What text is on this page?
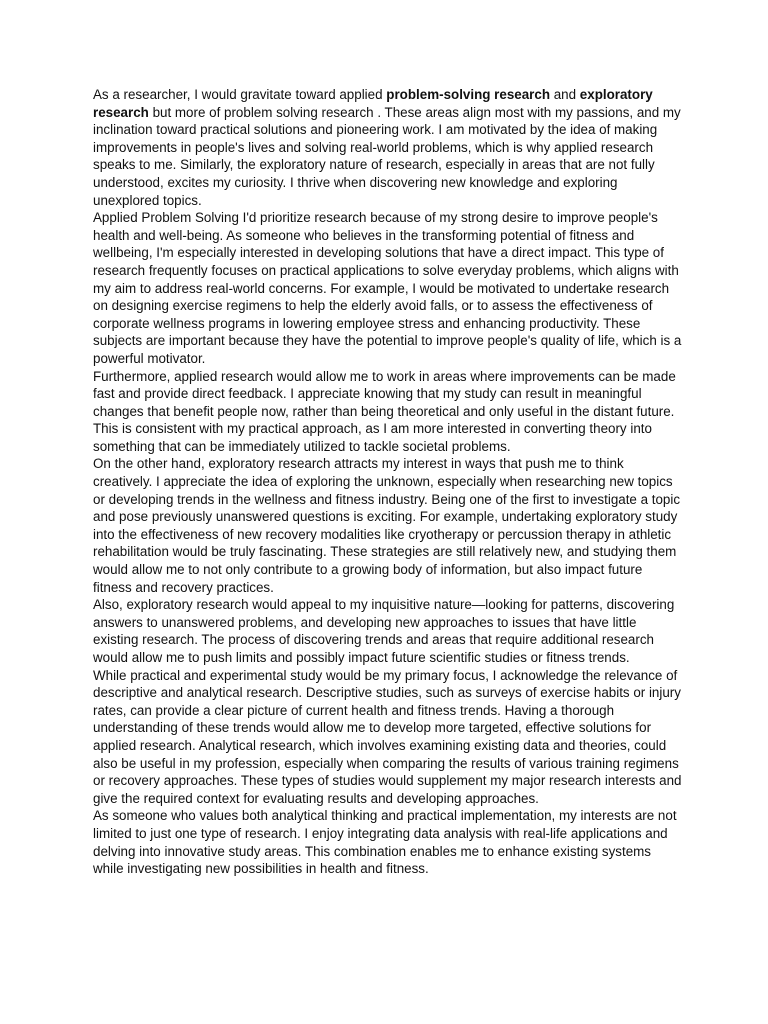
As a researcher, I would gravitate toward applied problem-solving research and exploratory research but more of problem solving research . These areas align most with my passions, and my inclination toward practical solutions and pioneering work. I am motivated by the idea of making improvements in people's lives and solving real-world problems, which is why applied research speaks to me. Similarly, the exploratory nature of research, especially in areas that are not fully understood, excites my curiosity. I thrive when discovering new knowledge and exploring unexplored topics.

Applied Problem Solving I'd prioritize research because of my strong desire to improve people's health and well-being. As someone who believes in the transforming potential of fitness and wellbeing, I'm especially interested in developing solutions that have a direct impact. This type of research frequently focuses on practical applications to solve everyday problems, which aligns with my aim to address real-world concerns. For example, I would be motivated to undertake research on designing exercise regimens to help the elderly avoid falls, or to assess the effectiveness of corporate wellness programs in lowering employee stress and enhancing productivity. These subjects are important because they have the potential to improve people's quality of life, which is a powerful motivator.

Furthermore, applied research would allow me to work in areas where improvements can be made fast and provide direct feedback. I appreciate knowing that my study can result in meaningful changes that benefit people now, rather than being theoretical and only useful in the distant future. This is consistent with my practical approach, as I am more interested in converting theory into something that can be immediately utilized to tackle societal problems.

On the other hand, exploratory research attracts my interest in ways that push me to think creatively. I appreciate the idea of exploring the unknown, especially when researching new topics or developing trends in the wellness and fitness industry. Being one of the first to investigate a topic and pose previously unanswered questions is exciting. For example, undertaking exploratory study into the effectiveness of new recovery modalities like cryotherapy or percussion therapy in athletic rehabilitation would be truly fascinating. These strategies are still relatively new, and studying them would allow me to not only contribute to a growing body of information, but also impact future fitness and recovery practices.

Also, exploratory research would appeal to my inquisitive nature—looking for patterns, discovering answers to unanswered problems, and developing new approaches to issues that have little existing research. The process of discovering trends and areas that require additional research would allow me to push limits and possibly impact future scientific studies or fitness trends.

While practical and experimental study would be my primary focus, I acknowledge the relevance of descriptive and analytical research. Descriptive studies, such as surveys of exercise habits or injury rates, can provide a clear picture of current health and fitness trends. Having a thorough understanding of these trends would allow me to develop more targeted, effective solutions for applied research. Analytical research, which involves examining existing data and theories, could also be useful in my profession, especially when comparing the results of various training regimens or recovery approaches. These types of studies would supplement my major research interests and give the required context for evaluating results and developing approaches.

As someone who values both analytical thinking and practical implementation, my interests are not limited to just one type of research. I enjoy integrating data analysis with real-life applications and delving into innovative study areas. This combination enables me to enhance existing systems while investigating new possibilities in health and fitness.
